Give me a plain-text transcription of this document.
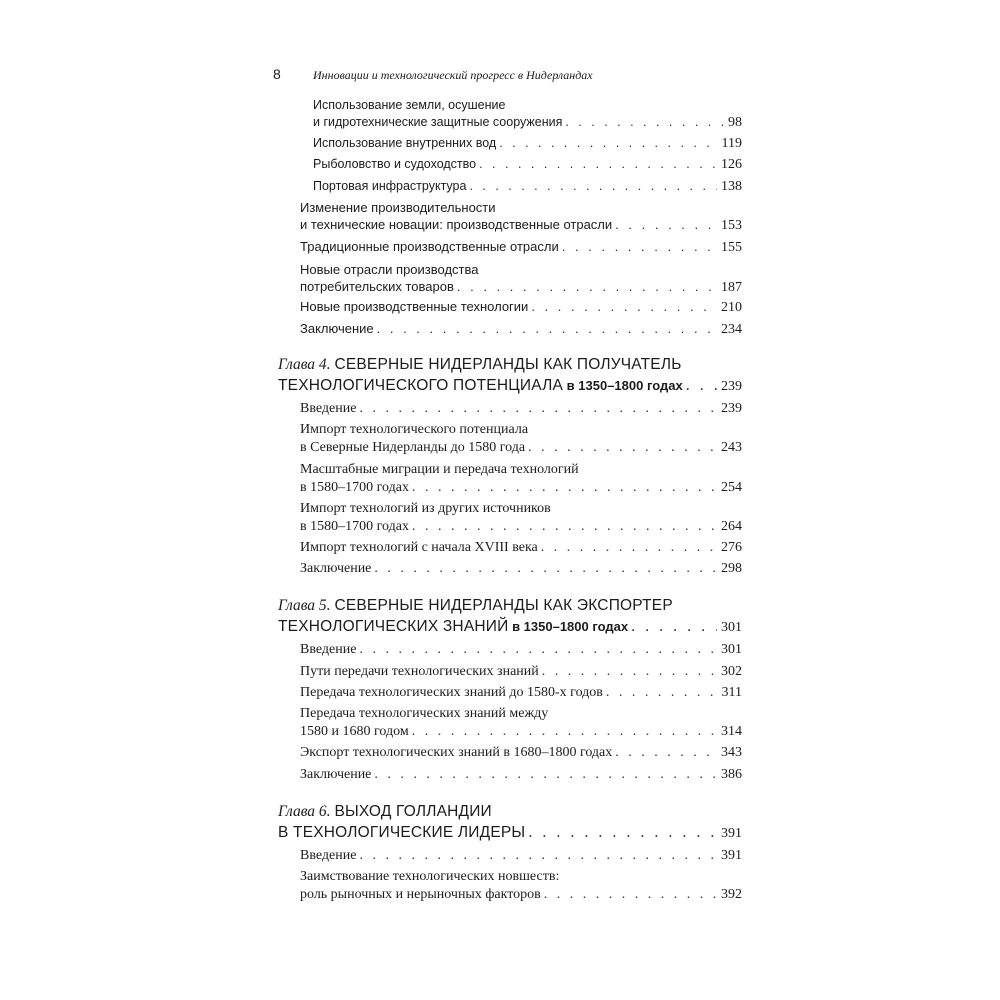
8	Инновации и технологический прогресс в Нидерландах
Использование земли, осушение
и гидротехнические защитные сооружения . . .	98
Использование внутренних вод . . .	119
Рыболовство и судоходство . . .	126
Портовая инфраструктура . . .	138
Изменение производительности
и технические новации: производственные отрасли . . .	153
Традиционные производственные отрасли . . .	155
Новые отрасли производства
потребительских товаров . . .	187
Новые производственные технологии . . .	210
Заключение . . .	234
Глава 4 . СЕВЕРНЫЕ НИДЕРЛАНДЫ КАК ПОЛУЧАТЕЛЬ
ТЕХНОЛОГИЧЕСКОГО ПОТЕНЦИАЛА
в 1350–1800 годах . . .	239
Введение . . .	239
Импорт технологического потенциала
в Северные Нидерланды до 1580 года . . .	243
Масштабные миграции и передача технологий
в 1580–1700 годах . . .	254
Импорт технологий из других источников
в 1580–1700 годах . . .	264
Импорт технологий с начала XVIII века . . .	276
Заключение . . .	298
Глава 5 . СЕВЕРНЫЕ НИДЕРЛАНДЫ КАК ЭКСПОРТЕР
ТЕХНОЛОГИЧЕСКИХ ЗНАНИЙ
в 1350–1800 годах . . .	301
Введение . . .	301
Пути передачи технологических знаний . . .	302
Передача технологических знаний до 1580-х годов . . .	311
Передача технологических знаний между
1580 и 1680 годом . . .	314
Экспорт технологических знаний в 1680–1800 годах . . .	343
Заключение . . .	386
Глава 6 . ВЫХОД ГОЛЛАНДИИ
В ТЕХНОЛОГИЧЕСКИЕ ЛИДЕРЫ . . .	391
Введение . . .	391
Заимствование технологических новшеств:
роль рыночных и нерыночных факторов . . .	392
